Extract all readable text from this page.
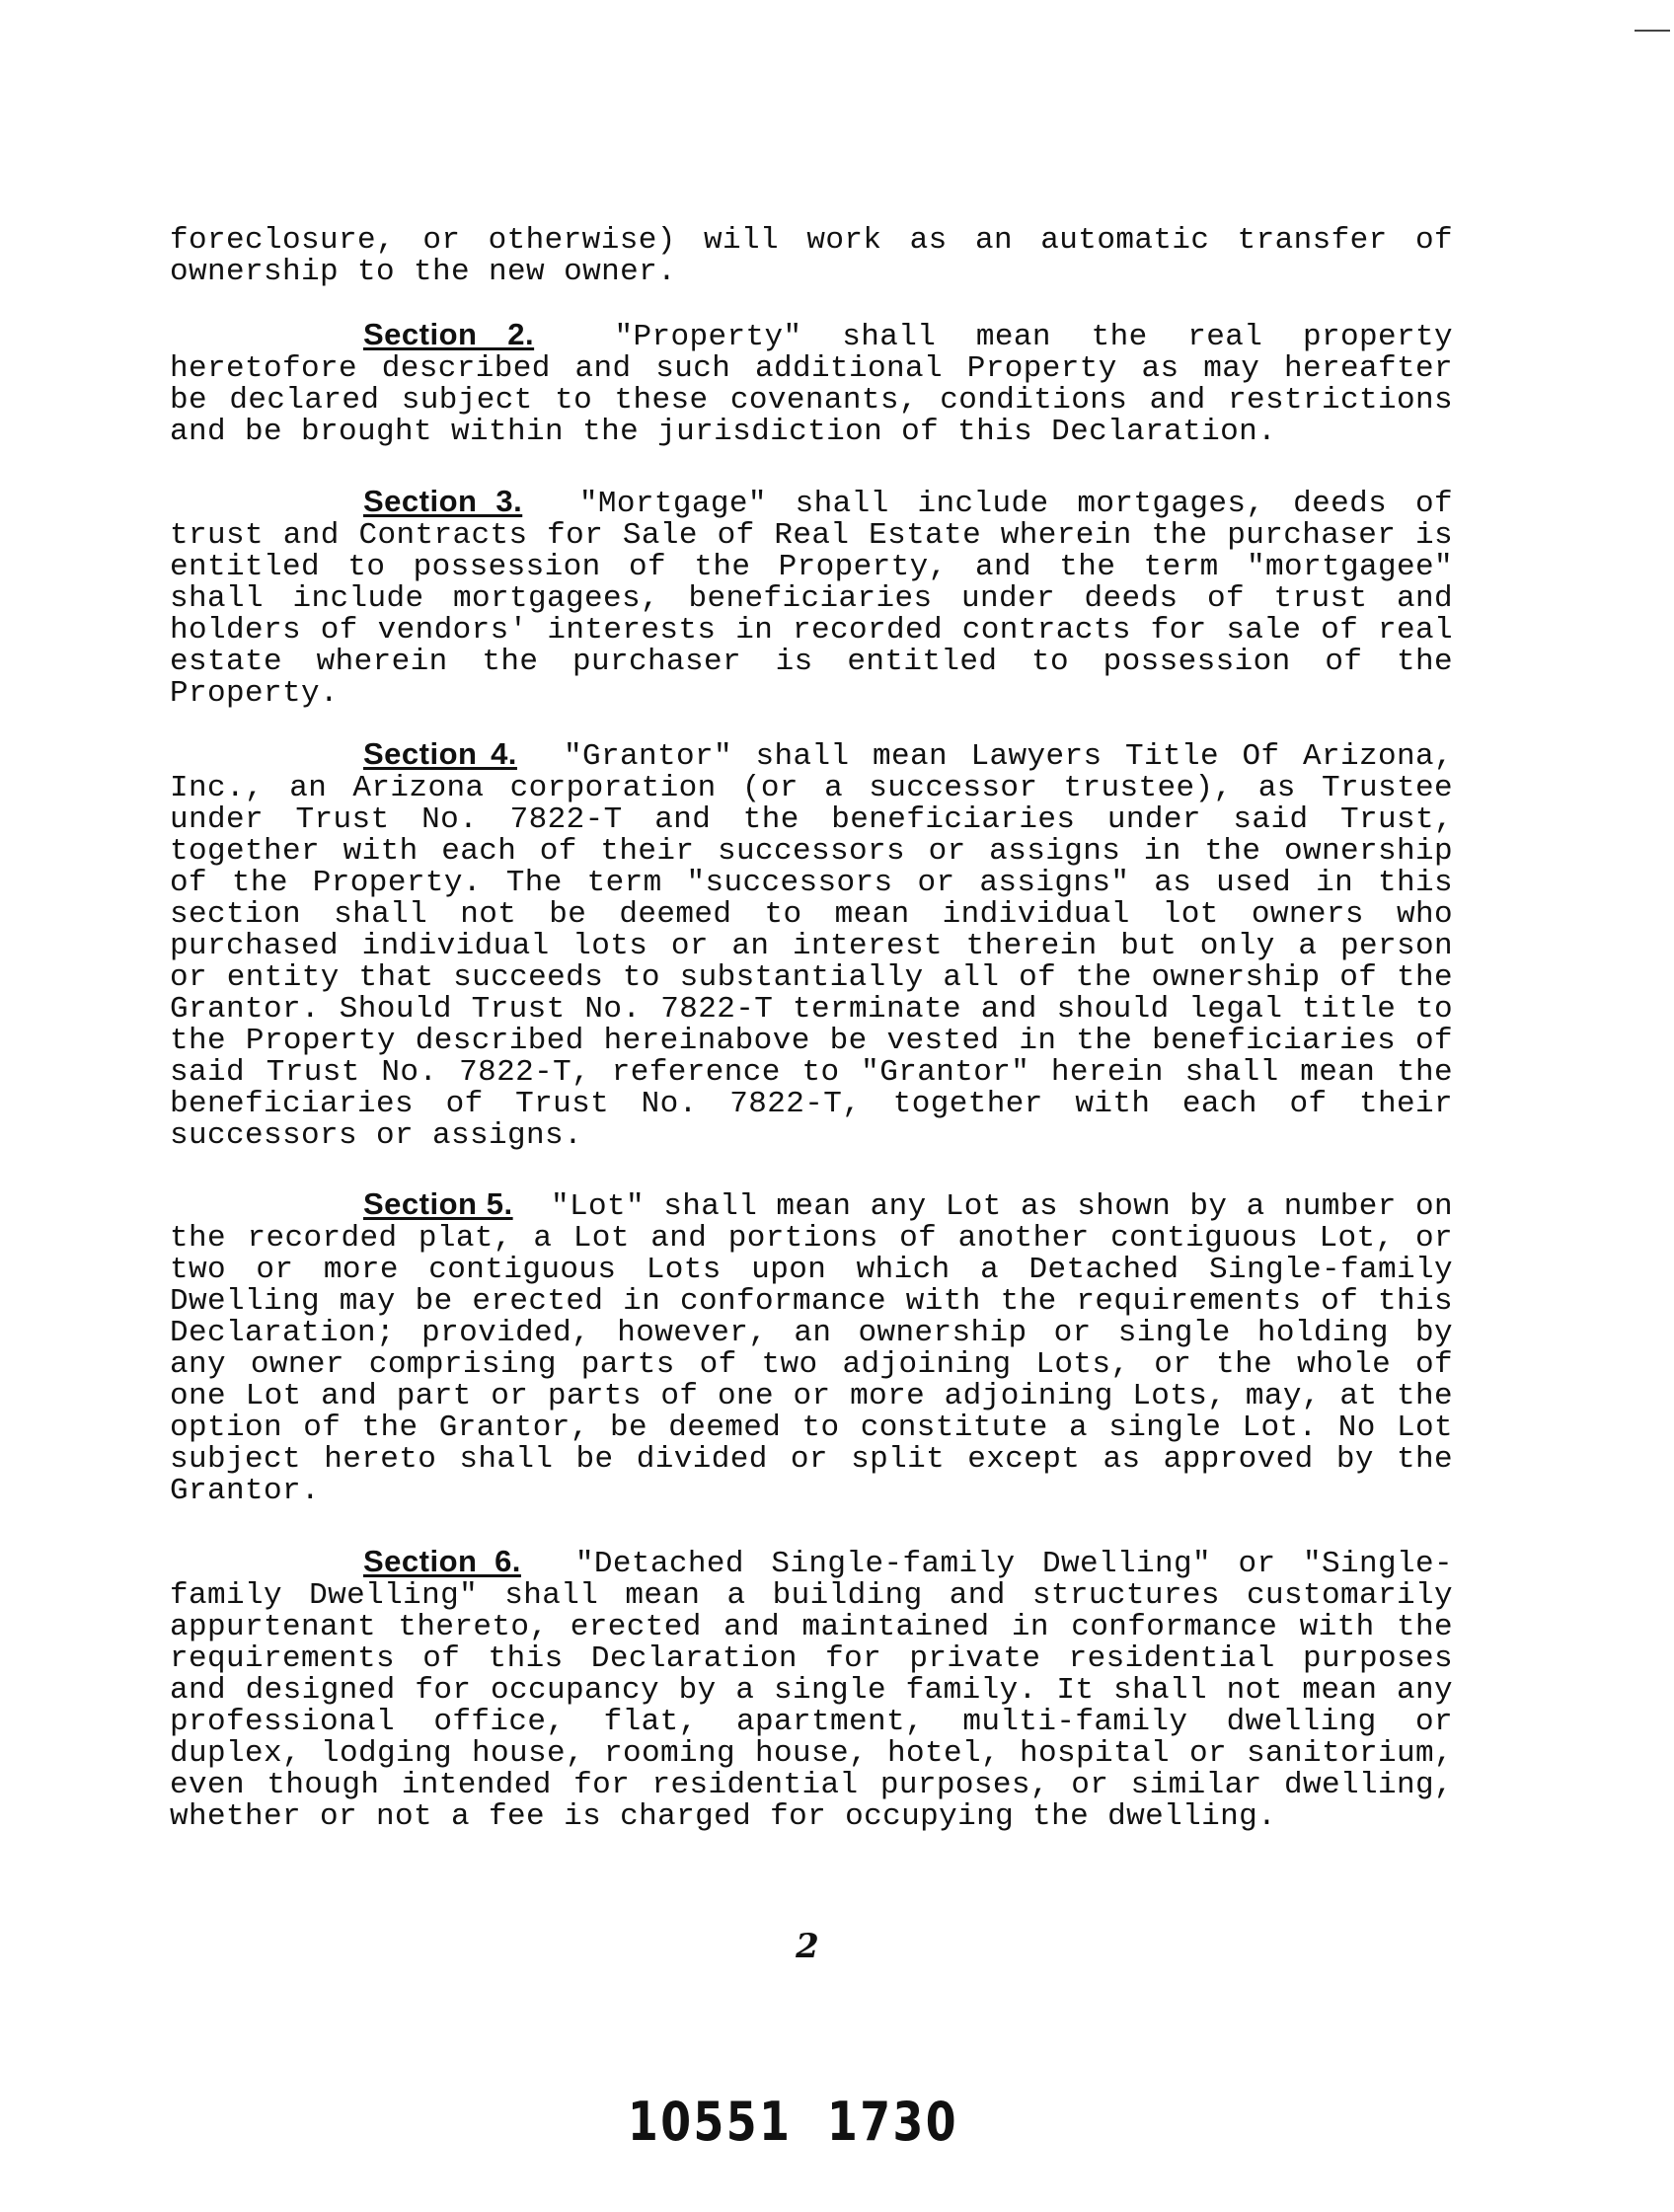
foreclosure, or otherwise) will work as an automatic transfer of ownership to the new owner.

Section 2.	"Property" shall mean the real property heretofore described and such additional Property as may hereafter be declared subject to these covenants, conditions and restrictions and be brought within the jurisdiction of this Declaration.

Section 3. "Mortgage" shall include mortgages, deeds of trust and Contracts for Sale of Real Estate wherein the purchaser is entitled to possession of the Property, and the term "mortgagee" shall include mortgagees, beneficiaries under deeds of trust and holders of vendors' interests in recorded contracts for sale of real estate wherein the purchaser is entitled to possession of the Property.

Section 4. "Grantor" shall mean Lawyers Title Of Arizona, Inc., an Arizona corporation (or a successor trustee), as Trustee under Trust No. 7822-T and the beneficiaries under said Trust, together with each of their successors or assigns in the ownership of the Property. The term "successors or assigns" as used in this section shall not be deemed to mean individual lot owners who purchased individual lots or an interest therein but only a person or entity that succeeds to substantially all of the ownership of the Grantor. Should Trust No. 7822-T terminate and should legal title to the Property described hereinabove be vested in the beneficiaries of said Trust No. 7822-T, reference to "Grantor" herein shall mean the beneficiaries of Trust No. 7822-T, together with each of their successors or assigns.

Section 5. "Lot" shall mean any Lot as shown by a number on the recorded plat, a Lot and portions of another contiguous Lot, or two or more contiguous Lots upon which a Detached Single-family Dwelling may be erected in conformance with the requirements of this Declaration; provided, however, an ownership or single holding by any owner comprising parts of two adjoining Lots, or the whole of one Lot and part or parts of one or more adjoining Lots, may, at the option of the Grantor, be deemed to constitute a single Lot. No Lot subject hereto shall be divided or split except as approved by the Grantor.

Section 6. "Detached Single-family Dwelling" or "Single-family Dwelling" shall mean a building and structures customarily appurtenant thereto, erected and maintained in conformance with the requirements of this Declaration for private residential purposes and designed for occupancy by a single family. It shall not mean any professional office, flat, apartment, multi-family dwelling or duplex, lodging house, rooming house, hotel, hospital or sanitorium, even though intended for residential purposes, or similar dwelling, whether or not a fee is charged for occupying the dwelling.

2
10551 1730
